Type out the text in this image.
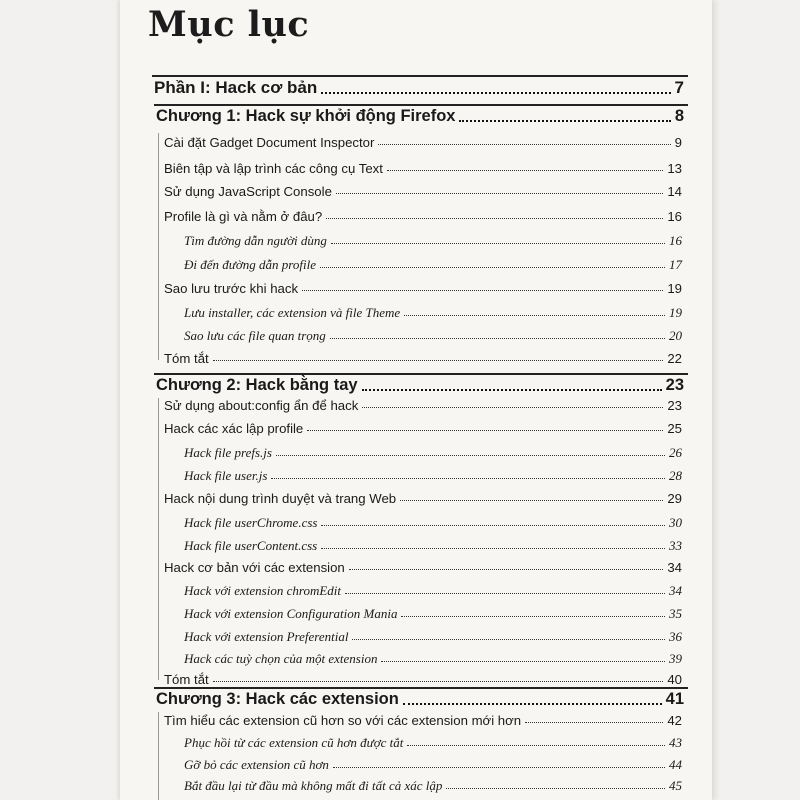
Mục lục
Phần I: Hack cơ bản	7
Chương 1: Hack sự khởi động Firefox	8
Cài đặt Gadget Document Inspector	9
Biên tập và lập trình các công cụ Text	13
Sử dụng JavaScript Console	14
Profile là gì và nằm ở đâu?	16
Tìm đường dẫn người dùng	16
Đi đến đường dẫn profile	17
Sao lưu trước khi hack	19
Lưu installer, các extension và file Theme	19
Sao lưu các file quan trọng	20
Tóm tắt	22
Chương 2: Hack bằng tay	23
Sử dụng about:config ẩn để hack	23
Hack các xác lập profile	25
Hack file prefs.js	26
Hack file user.js	28
Hack nội dung trình duyệt và trang Web	29
Hack file userChrome.css	30
Hack file userContent.css	33
Hack cơ bản với các extension	34
Hack với extension chromEdit	34
Hack với extension Configuration Mania	35
Hack với extension Preferential	36
Hack các tuỳ chọn của một extension	39
Tóm tắt	40
Chương 3: Hack các extension	41
Tìm hiểu các extension cũ hơn so với các extension mới hơn	42
Phục hồi từ các extension cũ hơn được tắt	43
Gỡ bỏ các extension cũ hơn	44
Bắt đầu lại từ đầu mà không mất đi tất cả xác lập	45
